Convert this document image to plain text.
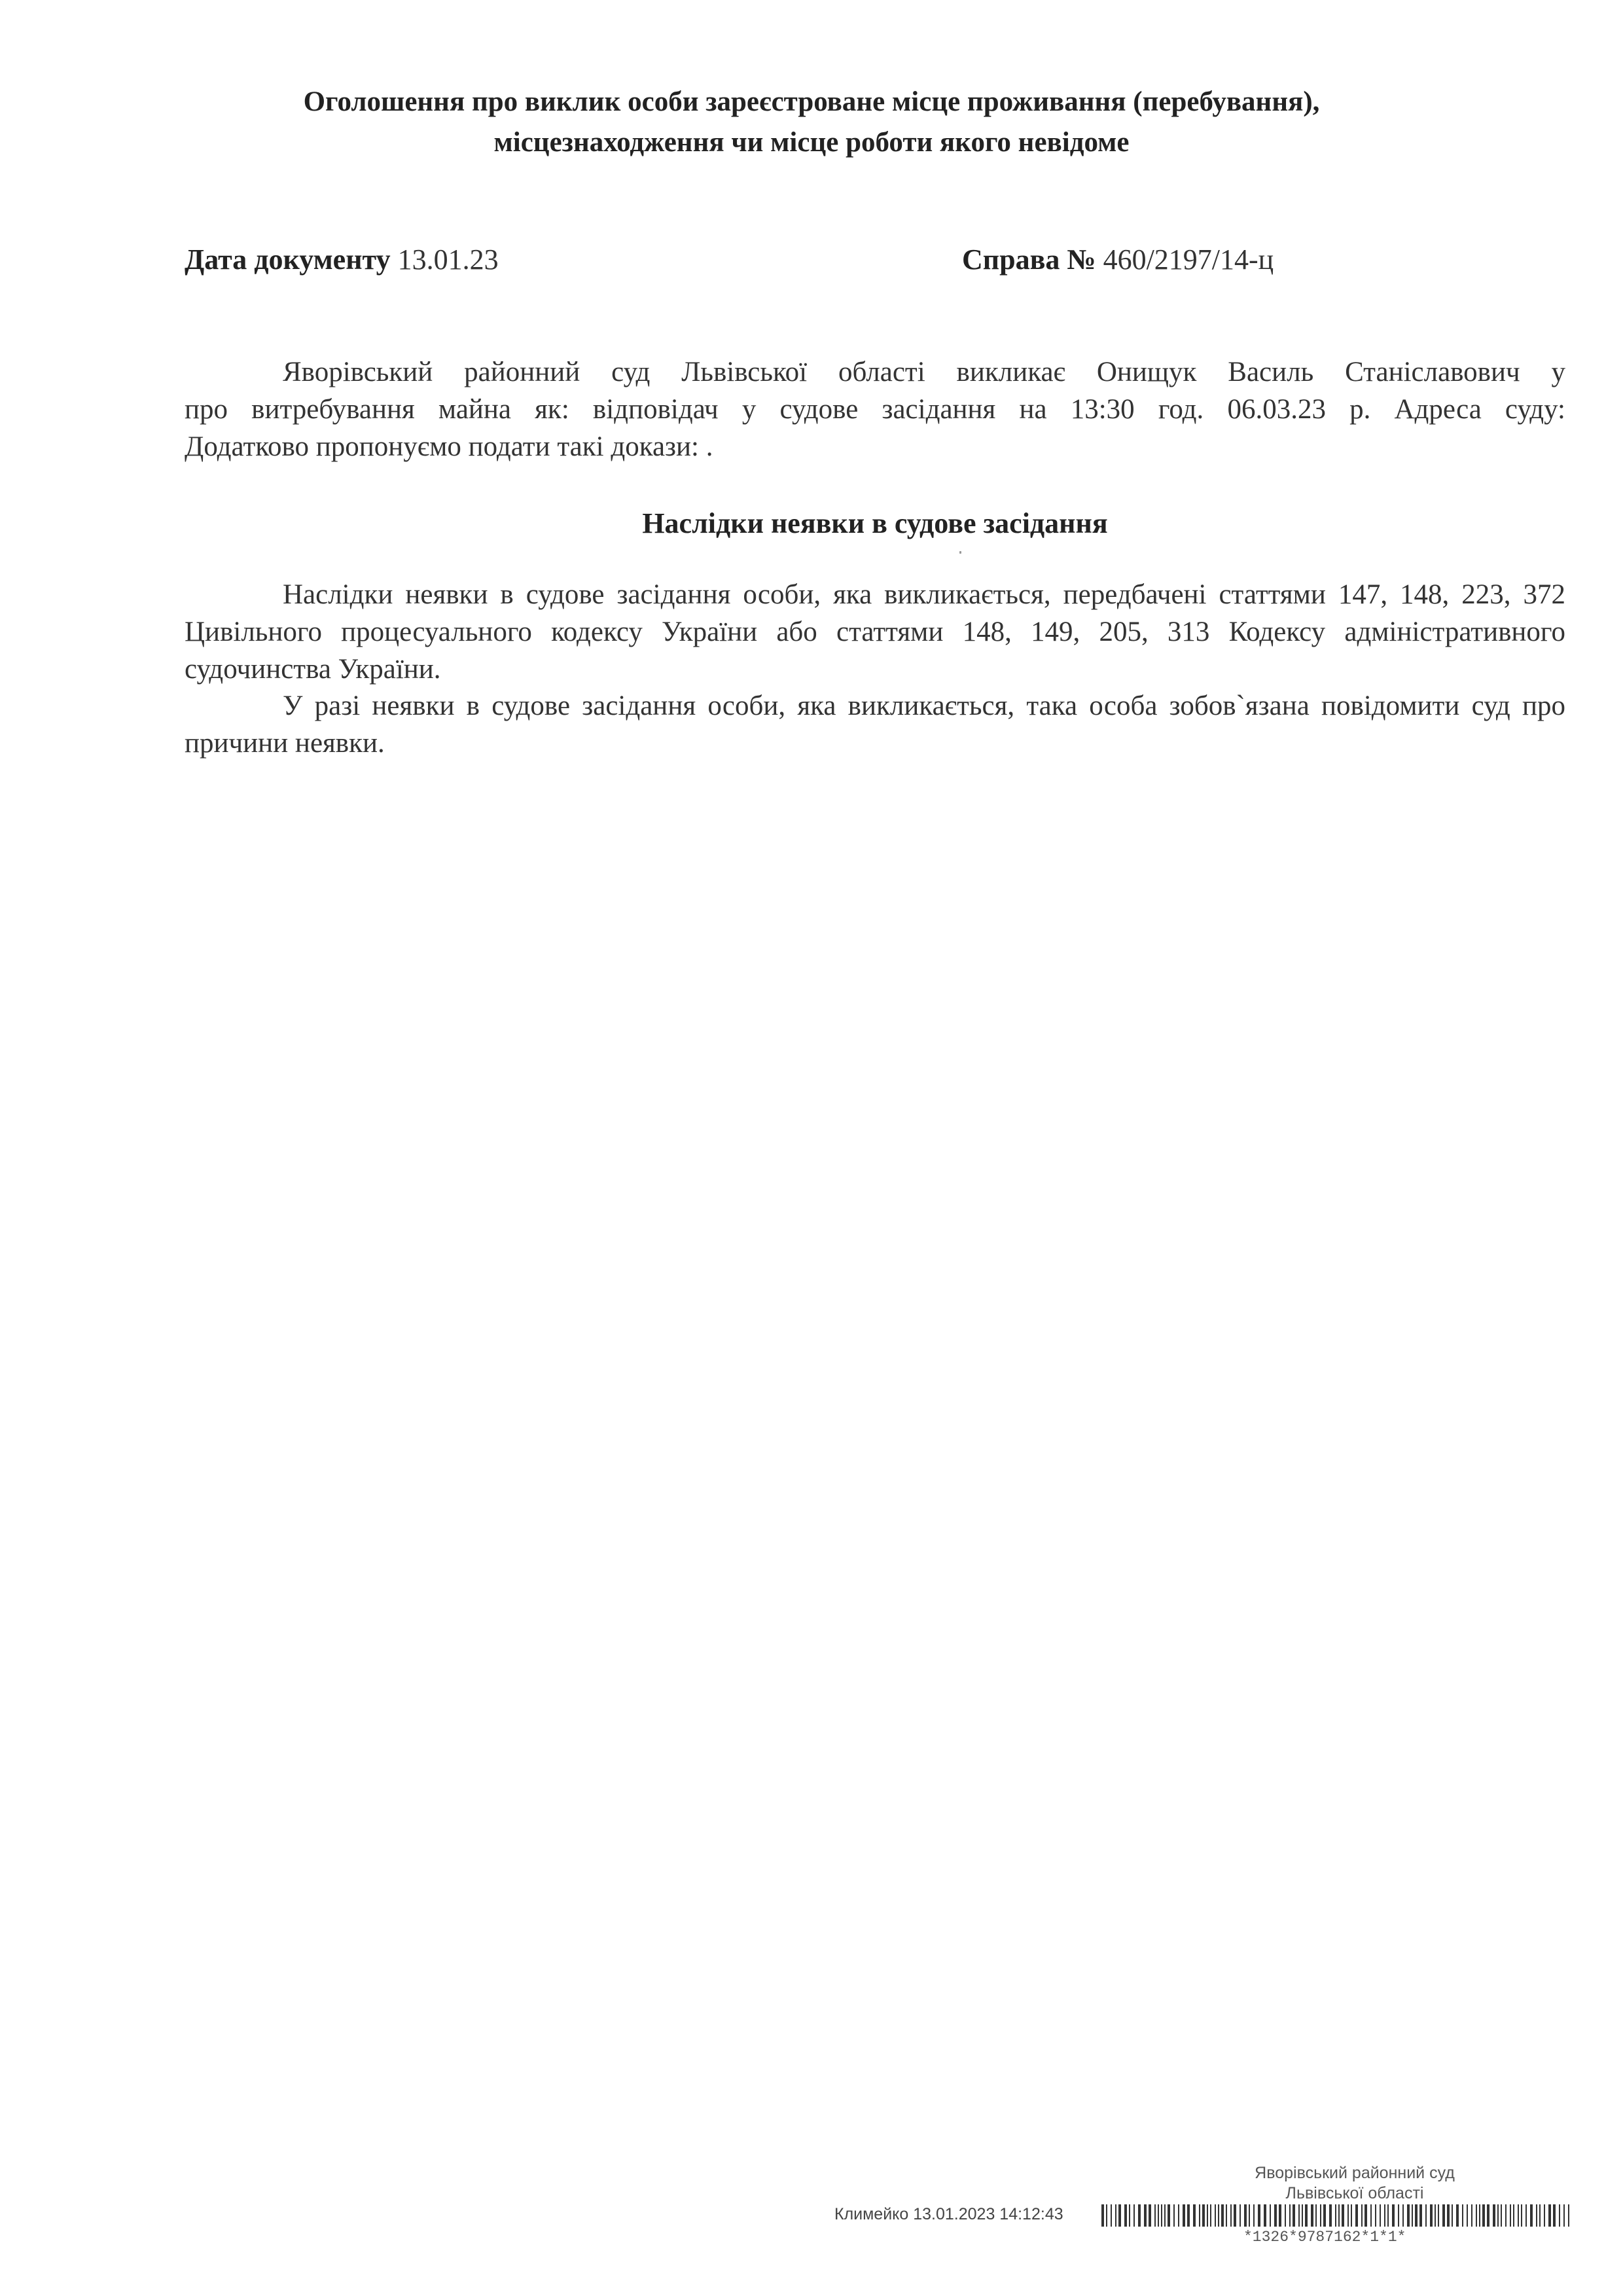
Оголошення про виклик особи зареєстроване місце проживання (перебування),
місцезнаходження чи місце роботи якого невідоме
Дата документу 13.01.23	Справа № 460/2197/14-ц
Яворівський районний суд Львівської області викликає Онищук Василь Станіславович у
про витребування майна як: відповідач у судове засідання на 13:30 год. 06.03.23 р. Адреса суду:
Додатково пропонуємо подати такі докази: .
Наслідки неявки в судове засідання
Наслідки неявки в судове засідання особи, яка викликається, передбачені статтями 147, 148, 223, 372 Цивільного процесуального кодексу України або статтями 148, 149, 205, 313 Кодексу адміністративного судочинства України.
У разі неявки в судове засідання особи, яка викликається, така особа зобов`язана повідомити суд про причини неявки.
Яворівський районний суд
Львівської області
Климейко 13.01.2023 14:12:43
*1326*9787162*1*1*
